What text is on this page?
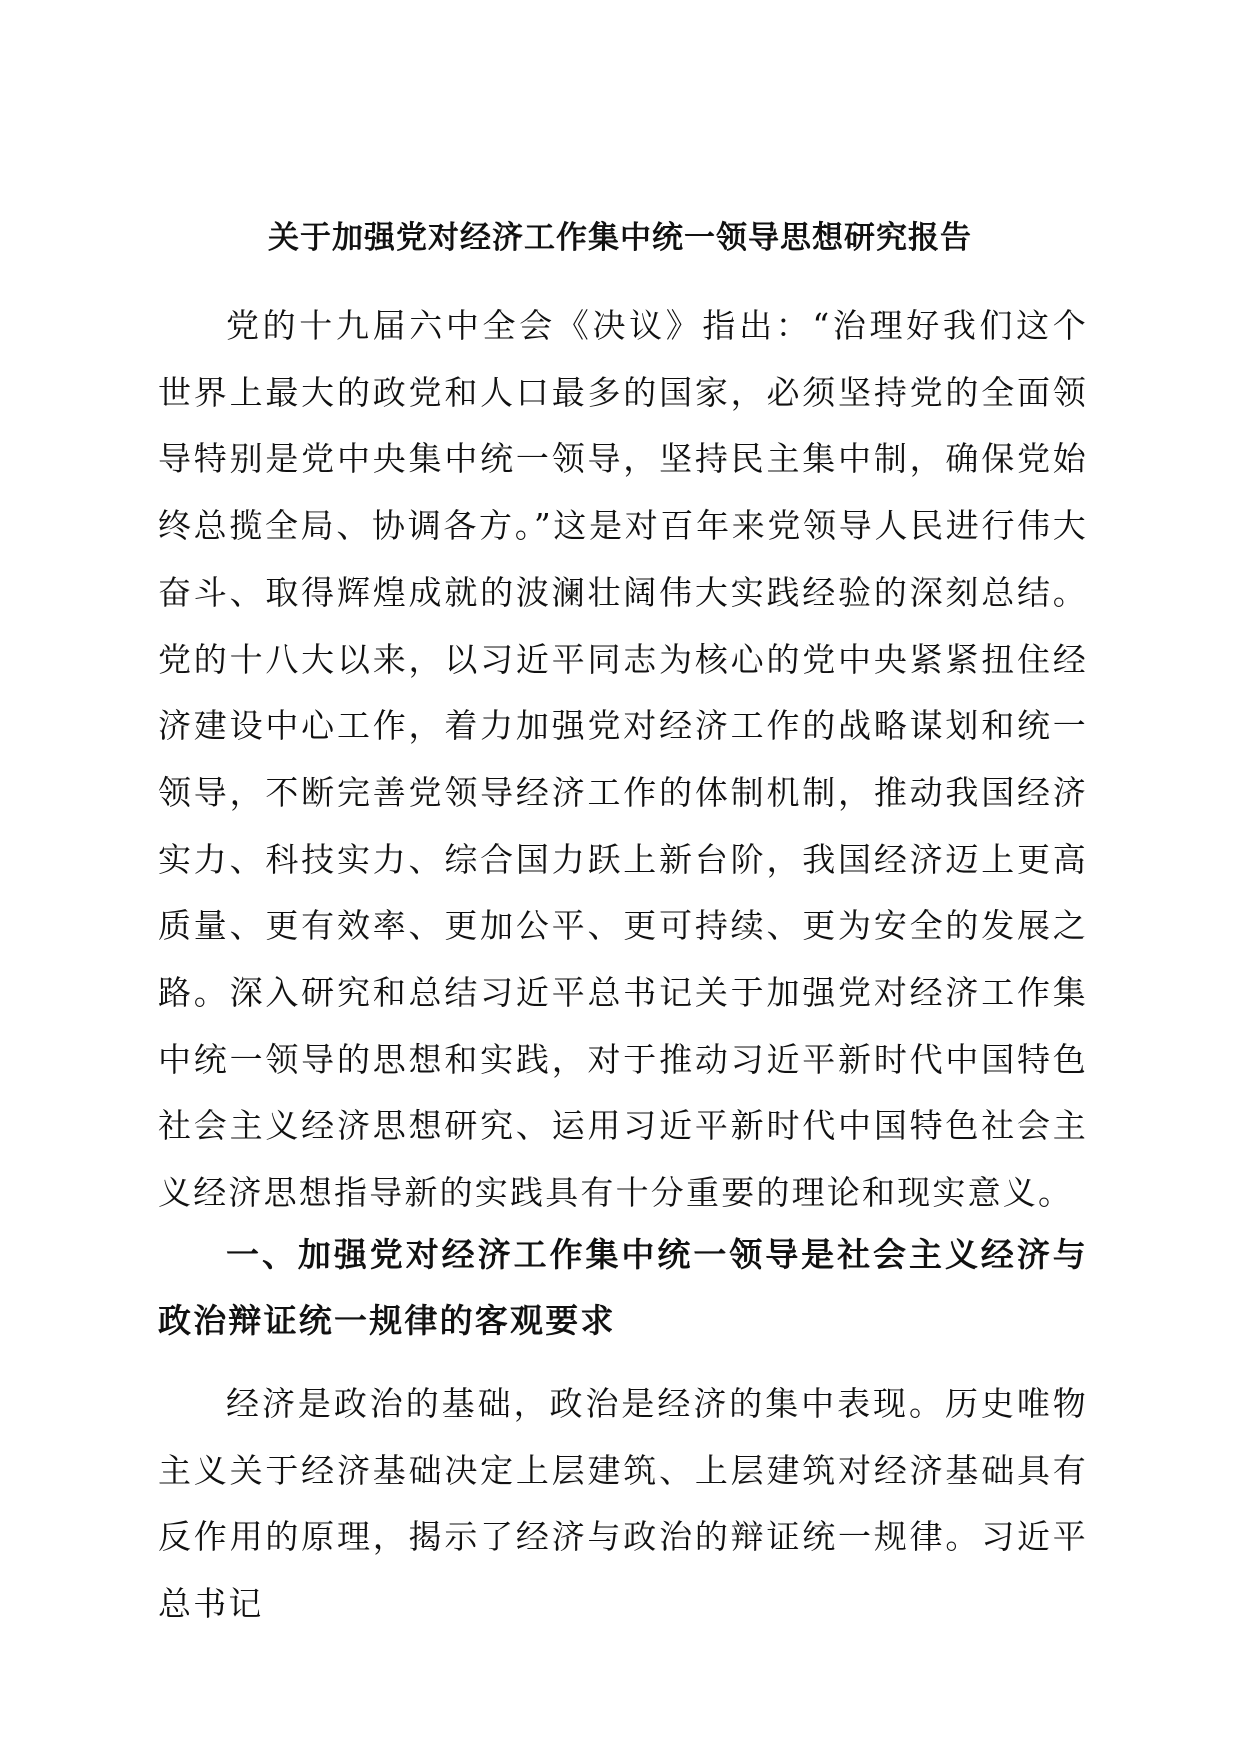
关于加强党对经济工作集中统一领导思想研究报告

党的十九届六中全会《决议》指出：“治理好我们这个世界上最大的政党和人口最多的国家，必须坚持党的全面领导特别是党中央集中统一领导，坚持民主集中制，确保党始终总揽全局、协调各方。”这是对百年来党领导人民进行伟大奋斗、取得辉煌成就的波澜壮阔伟大实践经验的深刻总结。党的十八大以来，以习近平同志为核心的党中央紧紧扭住经济建设中心工作，着力加强党对经济工作的战略谋划和统一领导，不断完善党领导经济工作的体制机制，推动我国经济实力、科技实力、综合国力跃上新台阶，我国经济迈上更高质量、更有效率、更加公平、更可持续、更为安全的发展之路。深入研究和总结习近平总书记关于加强党对经济工作集中统一领导的思想和实践，对于推动习近平新时代中国特色社会主义经济思想研究、运用习近平新时代中国特色社会主义经济思想指导新的实践具有十分重要的理论和现实意义。

一、加强党对经济工作集中统一领导是社会主义经济与政治辩证统一规律的客观要求

经济是政治的基础，政治是经济的集中表现。历史唯物主义关于经济基础决定上层建筑、上层建筑对经济基础具有反作用的原理，揭示了经济与政治的辩证统一规律。习近平总书记
